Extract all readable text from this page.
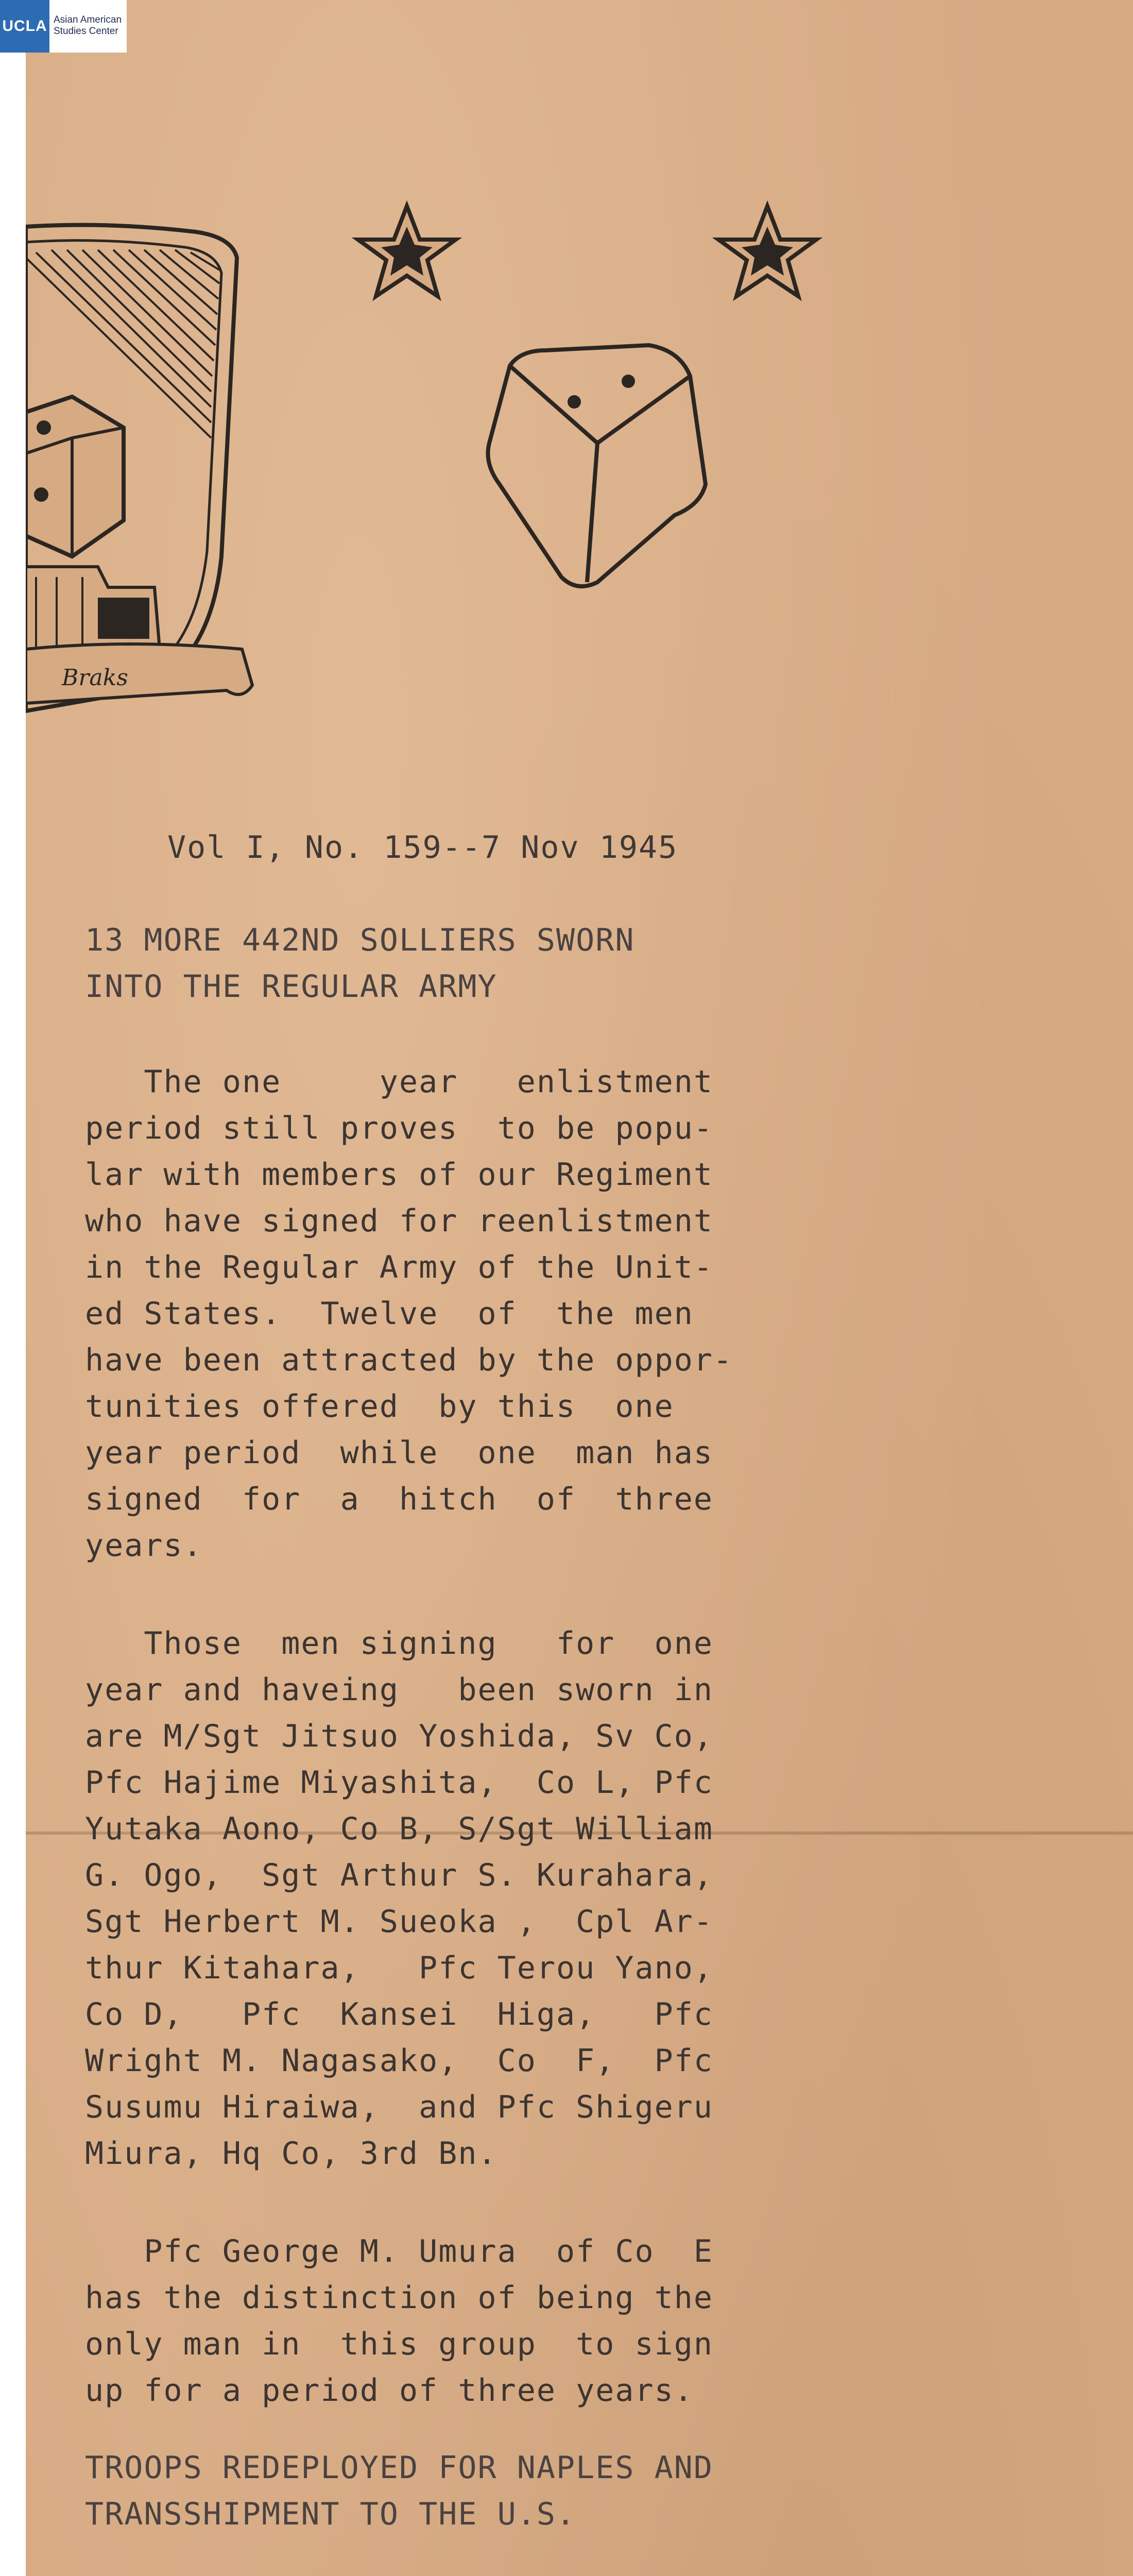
UCLA Asian American
Studies Center
Braks
Vol I, No. 159--7 Nov 1945
13 MORE 442ND SOLLIERS SWORN
INTO THE REGULAR ARMY
The one     year   enlistment
period still proves  to be popu-
lar with members of our Regiment
who have signed for reenlistment
in the Regular Army of the Unit-
ed States.  Twelve  of  the men
have been attracted by the oppor-
tunities offered  by this  one
year period  while  one  man has
signed  for  a  hitch  of  three
years.
Those  men signing   for  one
year and haveing   been sworn in
are M/Sgt Jitsuo Yoshida, Sv Co,
Pfc Hajime Miyashita,  Co L, Pfc
Yutaka Aono, Co B, S/Sgt William
G. Ogo,  Sgt Arthur S. Kurahara,
Sgt Herbert M. Sueoka ,  Cpl Ar-
thur Kitahara,   Pfc Terou Yano,
Co D,   Pfc  Kansei  Higa,   Pfc
Wright M. Nagasako,  Co  F,  Pfc
Susumu Hiraiwa,  and Pfc Shigeru
Miura, Hq Co, 3rd Bn.
Pfc George M. Umura  of Co  E
has the distinction of being the
only man in  this group  to sign
up for a period of three years.
TROOPS REDEPLOYED FOR NAPLES AND
TRANSSHIPMENT TO THE U.S.
